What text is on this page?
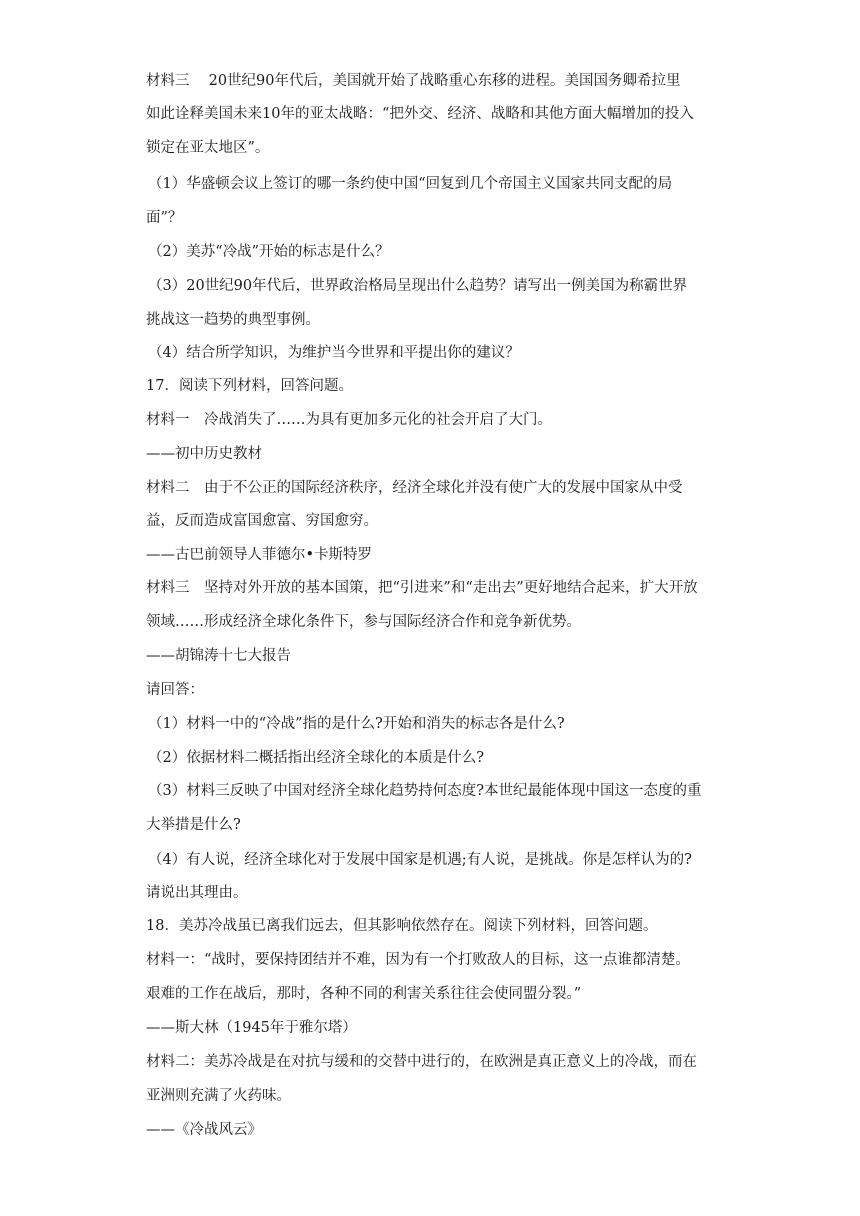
材料三　 20世纪90年代后，美国就开始了战略重心东移的进程。美国国务卿希拉里
如此诠释美国未来10年的亚太战略：“把外交、经济、战略和其他方面大幅增加的投入
锁定在亚太地区”。
（1）华盛顿会议上签订的哪一条约使中国“回复到几个帝国主义国家共同支配的局
面”？
（2）美苏“冷战”开始的标志是什么？
（3）20世纪90年代后，世界政治格局呈现出什么趋势？请写出一例美国为称霸世界
挑战这一趋势的典型事例。
（4）结合所学知识，为维护当今世界和平提出你的建议？
17．阅读下列材料，回答问题。
材料一　冷战消失了……为具有更加多元化的社会开启了大门。
——初中历史教材
材料二　由于不公正的国际经济秩序，经济全球化并没有使广大的发展中国家从中受
益，反而造成富国愈富、穷国愈穷。
——古巴前领导人菲德尔•卡斯特罗
材料三　坚持对外开放的基本国策，把“引进来”和“走出去”更好地结合起来，扩大开放
领域……形成经济全球化条件下，参与国际经济合作和竞争新优势。
——胡锦涛十七大报告
请回答：
（1）材料一中的“冷战”指的是什么?开始和消失的标志各是什么?
（2）依据材料二概括指出经济全球化的本质是什么?
（3）材料三反映了中国对经济全球化趋势持何态度?本世纪最能体现中国这一态度的重
大举措是什么?
（4）有人说，经济全球化对于发展中国家是机遇;有人说，是挑战。你是怎样认为的?
请说出其理由。
18．美苏冷战虽已离我们远去，但其影响依然存在。阅读下列材料，回答问题。
材料一：“战时，要保持团结并不难，因为有一个打败敌人的目标，这一点谁都清楚。
艰难的工作在战后，那时，各种不同的利害关系往往会使同盟分裂。”
——斯大林（1945年于雅尔塔）
材料二：美苏冷战是在对抗与缓和的交替中进行的，在欧洲是真正意义上的冷战，而在
亚洲则充满了火药味。
——《冷战风云》
